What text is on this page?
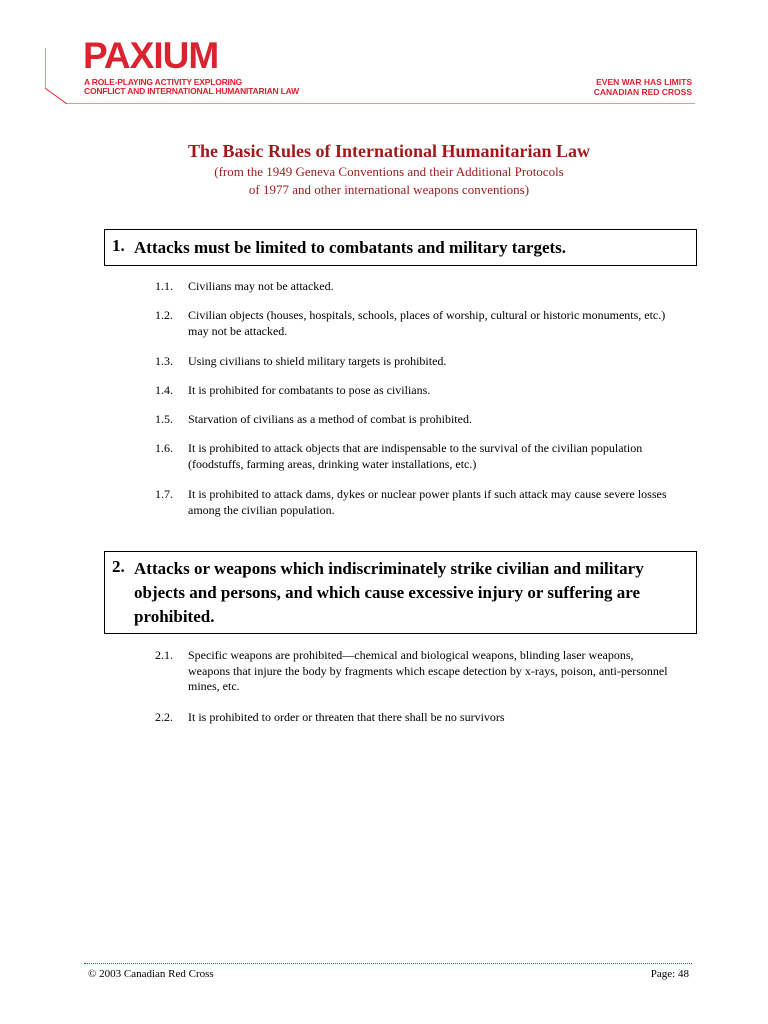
PAXIUM
A ROLE-PLAYING ACTIVITY EXPLORING
CONFLICT AND INTERNATIONAL HUMANITARIAN LAW
EVEN WAR HAS LIMITS
CANADIAN RED CROSS
The Basic Rules of International Humanitarian Law
(from the 1949 Geneva Conventions and their Additional Protocols
of 1977 and other international weapons conventions)
1. Attacks must be limited to combatants and military targets.
1.1. Civilians may not be attacked.
1.2. Civilian objects (houses, hospitals, schools, places of worship, cultural or historic monuments, etc.) may not be attacked.
1.3. Using civilians to shield military targets is prohibited.
1.4. It is prohibited for combatants to pose as civilians.
1.5. Starvation of civilians as a method of combat is prohibited.
1.6. It is prohibited to attack objects that are indispensable to the survival of the civilian population (foodstuffs, farming areas, drinking water installations, etc.)
1.7. It is prohibited to attack dams, dykes or nuclear power plants if such attack may cause severe losses among the civilian population.
2. Attacks or weapons which indiscriminately strike civilian and military objects and persons, and which cause excessive injury or suffering are prohibited.
2.1. Specific weapons are prohibited—chemical and biological weapons, blinding laser weapons, weapons that injure the body by fragments which escape detection by x-rays, poison, anti-personnel mines, etc.
2.2. It is prohibited to order or threaten that there shall be no survivors
© 2003 Canadian Red Cross	Page: 48
